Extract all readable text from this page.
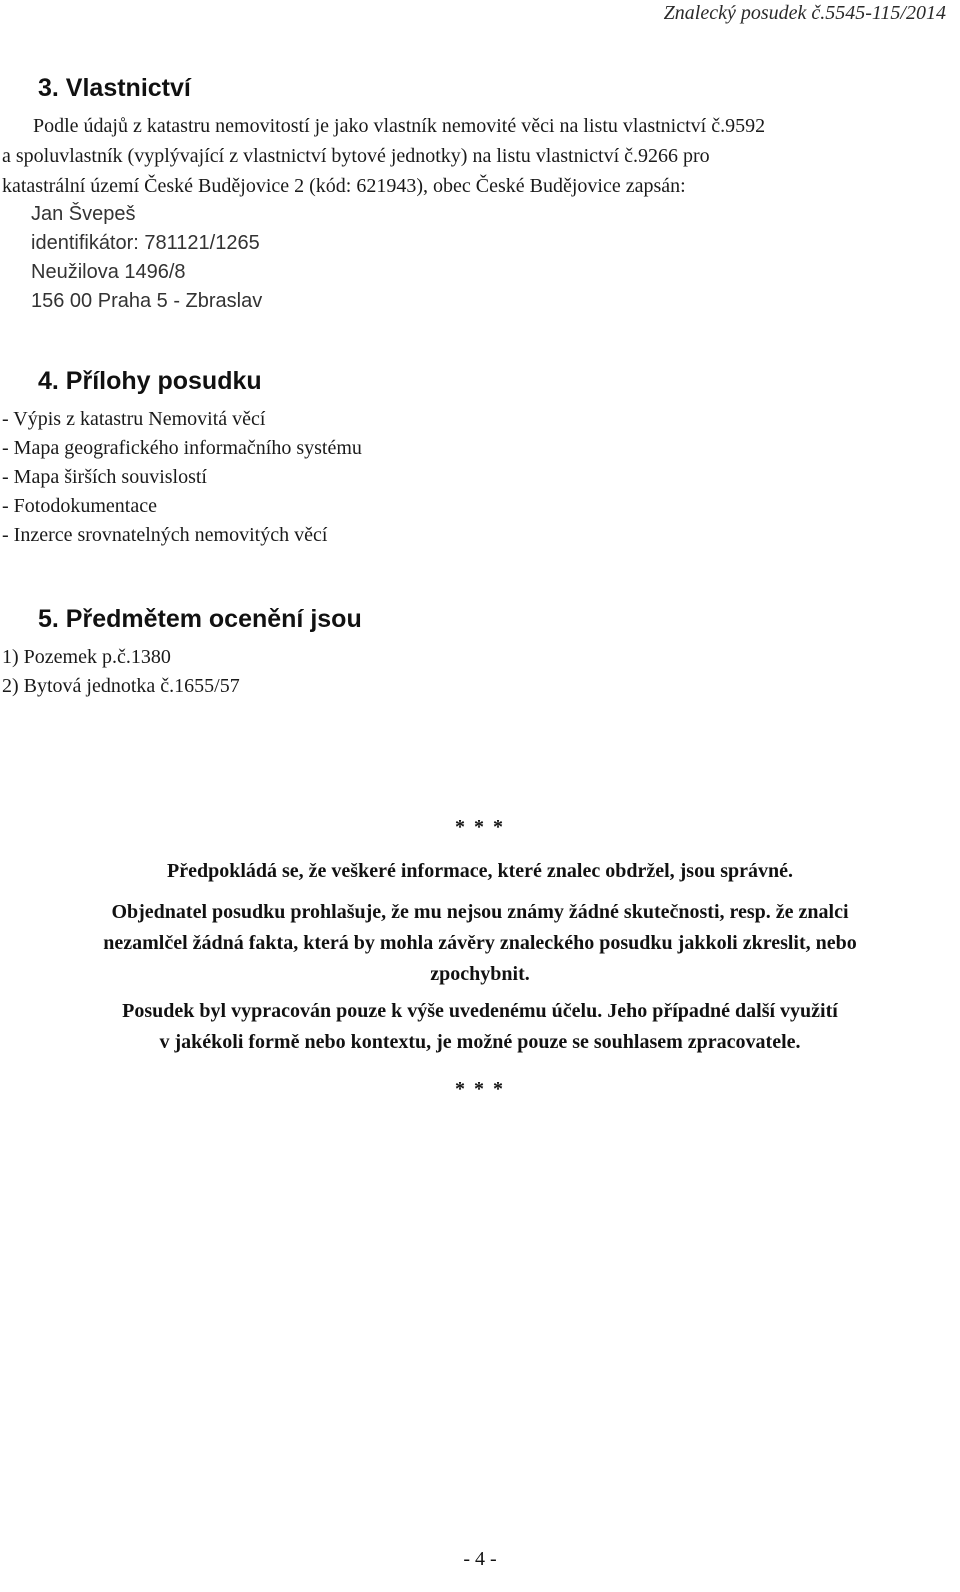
Znalecký posudek č.5545-115/2014
3. Vlastnictví
Podle údajů z katastru nemovitostí je jako vlastník nemovité věci na listu vlastnictví č.9592
a spoluvlastník (vyplývající z vlastnictví bytové jednotky) na listu vlastnictví č.9266 pro
katastrální území České Budějovice 2 (kód: 621943), obec České Budějovice zapsán:
Jan Švepeš
identifikátor: 781121/1265
Neužilova 1496/8
156 00 Praha 5 - Zbraslav
4. Přílohy posudku
- Výpis z katastru Nemovitá věcí
- Mapa geografického informačního systému
- Mapa širších souvislostí
- Fotodokumentace
- Inzerce srovnatelných nemovitých věcí
5. Předmětem ocenění jsou
1) Pozemek p.č.1380
2) Bytová jednotka č.1655/57
* * *
Předpokládá se, že veškeré informace, které znalec obdržel, jsou správné.
Objednatel posudku prohlašuje, že mu nejsou známy žádné skutečnosti, resp. že znalci
nezamlčel žádná fakta, která by mohla závěry znaleckého posudku jakkoli zkreslit, nebo
zpochybnit.
Posudek byl vypracován pouze k výše uvedenému účelu. Jeho případné další využití
v jakékoli formě nebo kontextu, je možné pouze se souhlasem zpracovatele.
* * *
- 4 -
